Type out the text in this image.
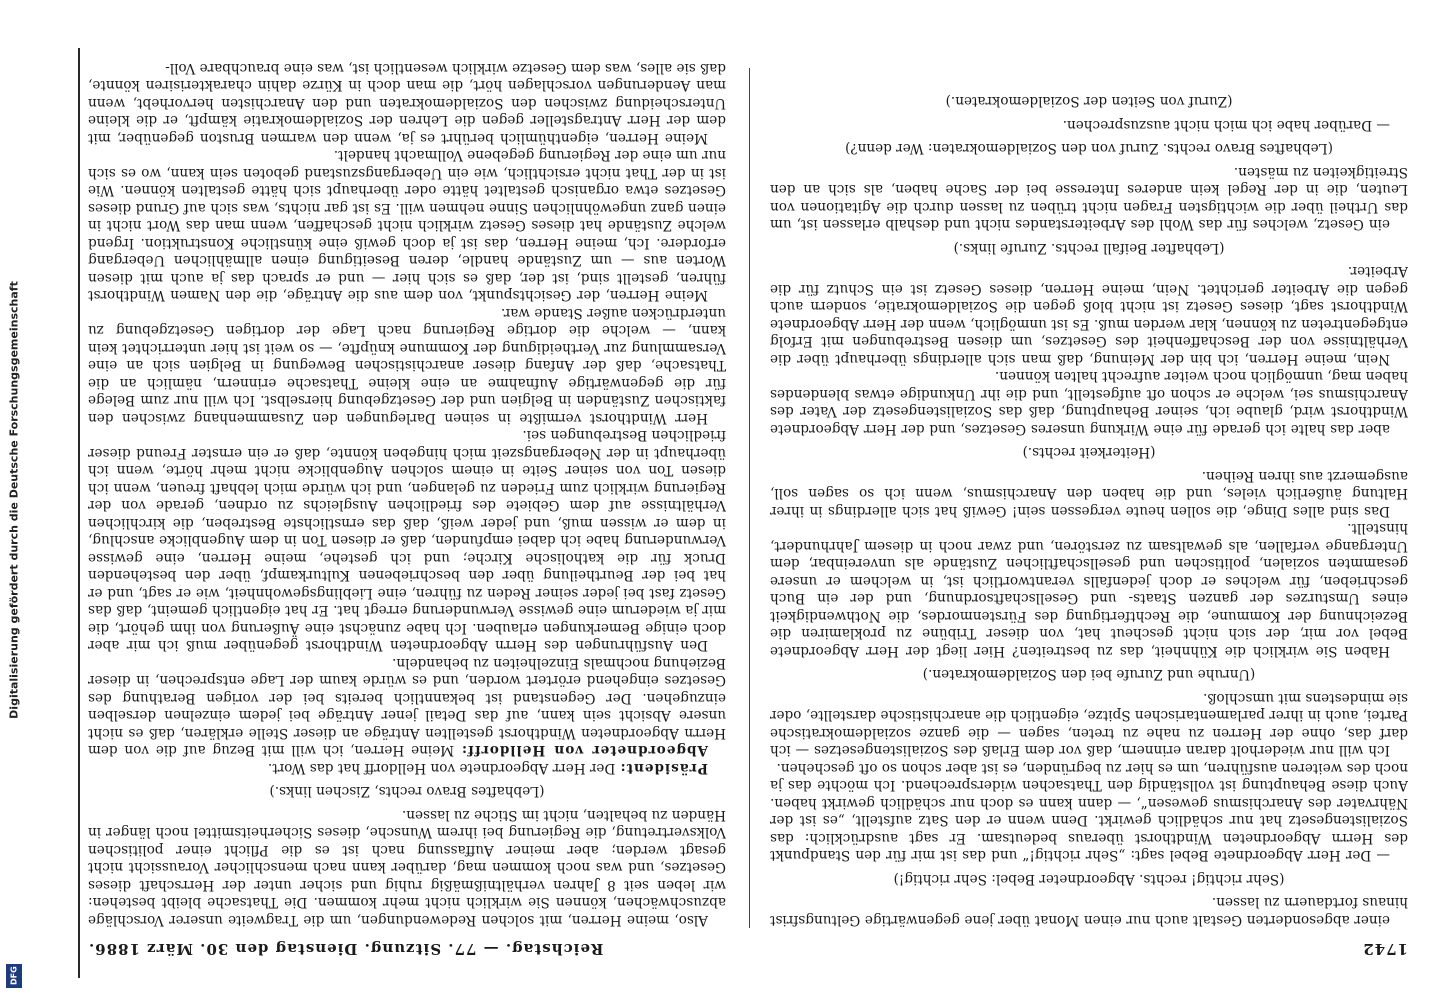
Digitalisierung gefördert durch die Deutsche Forschungsgemeinschaft
DFG
1742
Reichstag. — 77. Sitzung. Dienstag den 30. März 1886.

einer abgesonderten Gestalt auch nur einen Monat über jene gegenwärtige Geltungsfrist hinaus fortdauern zu lassen.

(Sehr richtig! rechts. Abgeordneter Bebel: Sehr richtig!)

— Der Herr Abgeordnete Bebel sagt: „Sehr richtig!“ und das ist mir für den Standpunkt des Herrn Abgeordneten Windthorst überaus bedeutsam. Er sagt ausdrücklich: das Sozialistengesetz hat nur schädlich gewirkt. Denn wenn er den Satz aufstellt, „es ist der Nährvater des Anarchismus gewesen“, — dann kann es doch nur schädlich gewirkt haben. Auch diese Behauptung ist vollständig den Thatsachen widersprechend. Ich möchte das ja noch des weiteren ausführen, um es hier zu begründen, es ist aber schon so oft geschehen.

Ich will nur wiederholt daran erinnern, daß vor dem Erlaß des Sozialistengesetzes — ich darf das, ohne der Herren zu nahe zu treten, sagen — die ganze sozialdemokratische Partei, auch in ihrer parlamentarischen Spitze, eigentlich die anarchistische darstellte, oder sie mindestens mit umschloß.

(Unruhe und Zurufe bei den Sozialdemokraten.)

Haben Sie wirklich die Kühnheit, das zu bestreiten? Hier liegt der Herr Abgeordnete Bebel vor mir, der sich nicht gescheut hat, von dieser Tribüne zu proklamiren die Bezeichnung der Kommune, die Rechtfertigung des Fürstenmordes, die Nothwendigkeit eines Umsturzes der ganzen Staats- und Gesellschaftsordnung, und der ein Buch geschrieben, für welches er doch jedenfalls verantwortlich ist, in welchem er unsere gesammten sozialen, politischen und gesellschaftlichen Zustände als unvereinbar, dem Untergange verfallen, als gewaltsam zu zerstören, und zwar noch in diesem Jahrhundert, hinstellt.

Das sind alles Dinge, die sollen heute vergessen sein! Gewiß hat sich allerdings in ihrer Haltung äußerlich vieles, und die haben den Anarchismus, wenn ich so sagen soll, ausgemerzt aus ihren Reihen.

(Heiterkeit rechts.)

aber das halte ich gerade für eine Wirkung unseres Gesetzes, und der Herr Abgeordnete Windthorst wird, glaube ich, seiner Behauptung, daß das Sozialistengesetz der Vater des Anarchismus sei, welche er schon oft aufgestellt, und die ihr Unkundige etwas blendendes haben mag, unmöglich noch weiter aufrecht halten können.

Nein, meine Herren, ich bin der Meinung, daß man sich allerdings überhaupt über die Verhältnisse von der Beschaffenheit des Gesetzes, um diesen Bestrebungen mit Erfolg entgegentreten zu können, klar werden muß. Es ist unmöglich, wenn der Herr Abgeordnete Windthorst sagt, dieses Gesetz ist nicht bloß gegen die Sozialdemokratie, sondern auch gegen die Arbeiter gerichtet. Nein, meine Herren, dieses Gesetz ist ein Schutz für die Arbeiter.

(Lebhafter Beifall rechts. Zurufe links.)

ein Gesetz, welches für das Wohl des Arbeiterstandes nicht und deshalb erlassen ist, um das Urtheil über die wichtigsten Fragen nicht trüben zu lassen durch die Agitationen von Leuten, die in der Regel kein anderes Interesse bei der Sache haben, als sich an den Streitigkeiten zu mästen.

(Lebhaftes Bravo rechts. Zuruf von den Sozialdemokraten: Wer denn?)

— Darüber habe ich mich nicht auszusprechen.

(Zuruf von Seiten der Sozialdemokraten.)

Also, meine Herren, mit solchen Redewendungen, um die Tragweite unserer Vorschläge abzuschwächen, können Sie wirklich nicht mehr kommen. Die Thatsache bleibt bestehen: wir leben seit 8 Jahren verhältnißmäßig ruhig und sicher unter der Herrschaft dieses Gesetzes, und was noch kommen mag, darüber kann nach menschlicher Voraussicht nicht gesagt werden; aber meiner Auffassung nach ist es die Pflicht einer politischen Volksvertretung, die Regierung bei ihrem Wunsche, dieses Sicherheitsmittel noch länger in Händen zu behalten, nicht im Stiche zu lassen.

(Lebhaftes Bravo rechts, Zischen links.)

Präsident: Der Herr Abgeordnete von Helldorff hat das Wort.

Abgeordneter von Helldorff: Meine Herren, ich will mit Bezug auf die von dem Herrn Abgeordneten Windthorst gestellten Anträge an dieser Stelle erklären, daß es nicht unsere Absicht sein kann, auf das Detail jener Anträge bei jedem einzelnen derselben einzugehen. Der Gegenstand ist bekanntlich bereits bei der vorigen Berathung des Gesetzes eingehend erörtert worden, und es würde kaum der Lage entsprechen, in dieser Beziehung nochmals Einzelheiten zu behandeln.

Den Ausführungen des Herrn Abgeordneten Windthorst gegenüber muß ich mir aber doch einige Bemerkungen erlauben. Ich habe zunächst eine Äußerung von ihm gehört, die mir ja wiederum eine gewisse Verwunderung erregt hat. Er hat eigentlich gemeint, daß das Gesetz fast bei jeder seiner Reden zu führen, eine Lieblingsgewohnheit, wie er sagt, und er hat bei der Beurtheilung über den beschriebenen Kulturkampf, über den bestehenden Druck für die katholische Kirche; und ich gestehe, meine Herren, eine gewisse Verwunderung habe ich dabei empfunden, daß er diesen Ton in dem Augenblicke anschlug, in dem er wissen muß, und jeder weiß, daß das ernstlichste Bestreben, die kirchlichen Verhältnisse auf dem Gebiete des friedlichen Ausgleichs zu ordnen, gerade von der Regierung wirklich zum Frieden zu gelangen, und ich würde mich lebhaft freuen, wenn ich diesen Ton von seiner Seite in einem solchen Augenblicke nicht mehr hörte, wenn ich überhaupt in der Nebergangszeit mich hingeben könnte, daß er ein ernster Freund dieser friedlichen Bestrebungen sei.

Herr Windthorst vermißte in seinen Darlegungen den Zusammenhang zwischen den faktischen Zuständen in Belgien und der Gesetzgebung hierselbst. Ich will nur zum Belege für die gegenwärtige Aufnahme an eine kleine Thatsache erinnern, nämlich an die Thatsache, daß der Anfang dieser anarchistischen Bewegung in Belgien sich an eine Versammlung zur Vertheidigung der Kommune knüpfte, — so weit ist hier unterrichtet kein kann, — welche die dortige Regierung nach Lage der dortigen Gesetzgebung zu unterdrücken außer Stande war.

Meine Herren, der Gesichtspunkt, von dem aus die Anträge, die den Namen Windthorst führen, gestellt sind, ist der, daß es sich hier — und er sprach das ja auch mit diesen Worten aus — um Zustände handle, deren Beseitigung einen allmählichen Uebergang erfordere. Ich, meine Herren, das ist ja doch gewiß eine künstliche Konstruktion. Irgend welche Zustände hat dieses Gesetz wirklich nicht geschaffen, wenn man das Wort nicht in einen ganz ungewöhnlichen Sinne nehmen will. Es ist gar nichts, was sich auf Grund dieses Gesetzes etwa organisch gestaltet hätte oder überhaupt sich hätte gestalten können. Wie ist in der That nicht ersichtlich, wie ein Uebergangszustand geboten sein kann, wo es sich nur um eine der Regierung gegebene Vollmacht handelt.

Meine Herren, eigenthümlich berührt es ja, wenn den warmen Bruston gegenüber, mit dem der Herr Antragsteller gegen die Lehren der Sozialdemokratie kämpft, er die kleine Unterscheidung zwischen den Sozialdemokraten und den Anarchisten hervorhebt, wenn man Aenderungen vorschlagen hört, die man doch in Kürze dahin charakterisiren könnte, daß sie alles, was dem Gesetze wirklich wesentlich ist, was eine brauchbare Voll-
